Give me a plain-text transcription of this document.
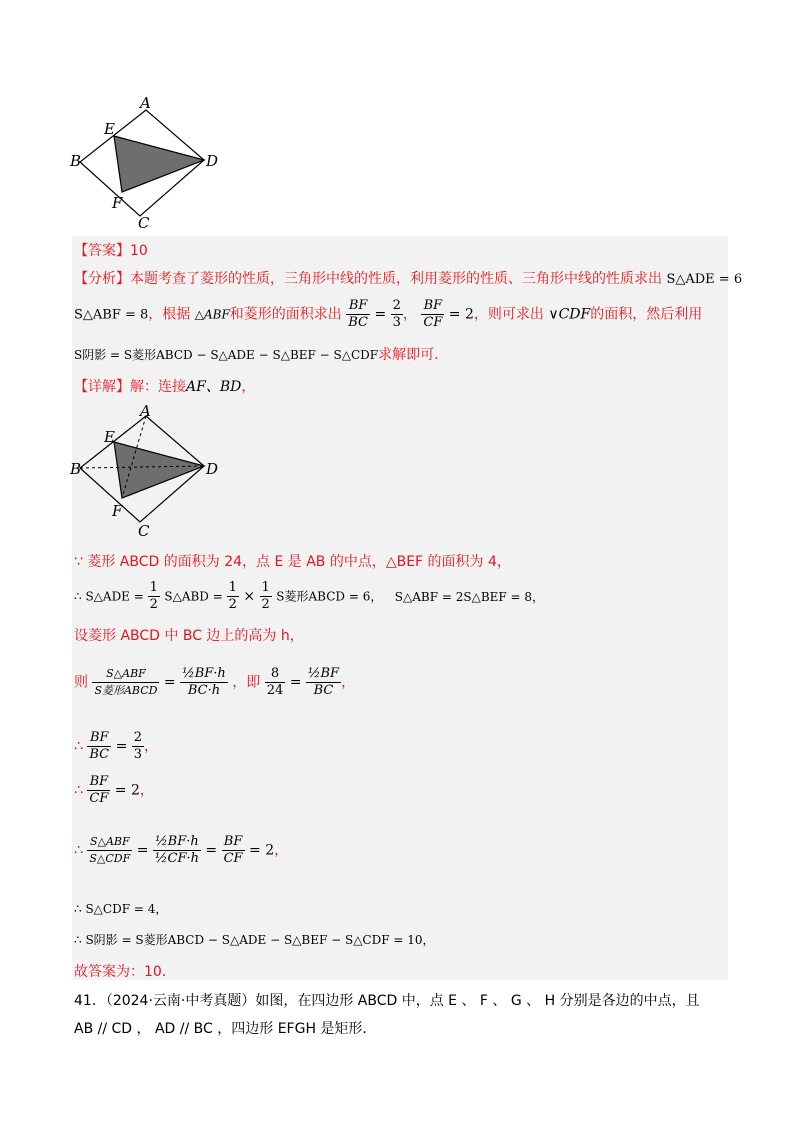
A
E
B	D
F
C
【答案】10
【分析】本题考查了菱形的性质，三角形中线的性质，利用菱形的性质、三角形中线的性质求出 S△ADE = 6
S△ABF = 8，根据 △ABF和菱形的面积求出 $\frac{BF}{BC} = \frac{2}{3}$ ， $\frac{BF}{CF} = 2$，则可求出 ∨CDF的面积，然后利用
S阴影 = S菱形ABCD − S△ADE − S△BEF − S△CDF求解即可．
【详解】解：连接AF、BD，
A
E
B	D
F
C
∵ 菱形 ABCD 的面积为 24，点 E 是 AB 的中点，△BEF 的面积为 4，
∴ S△ADE = $\frac{1}{2}$ S△ABD = $\frac{1}{2} \times \frac{1}{2}$ S菱形ABCD = 6， S△ABF = 2S△BEF = 8，
设菱形 ABCD 中 BC 边上的高为 h，
则 $\frac{\text{S△ABF}}{\text{S菱形ABCD}} = \frac{\text{½BF·h}}{BC\cdot h}$ ，即 $\frac{8}{24} = \frac{\text{½BF}}{BC}$ ，
∴ $\frac{BF}{BC} = \frac{2}{3}$ ，
∴ $\frac{BF}{CF} = 2$，
∴ $\frac{\text{S△ABF}}{\text{S△CDF}} = \frac{\text{½BF·h}}{\text{½CF·h}} = \frac{BF}{CF} = 2$，
∴ S△CDF = 4，
∴ S阴影 = S菱形ABCD − S△ADE − S△BEF − S△CDF = 10，
故答案为：10．
41．（2024·云南·中考真题）如图，在四边形 ABCD 中，点 E 、 F 、 G 、 H 分别是各边的中点，且
AB // CD ， AD // BC ，四边形 EFGH 是矩形．
